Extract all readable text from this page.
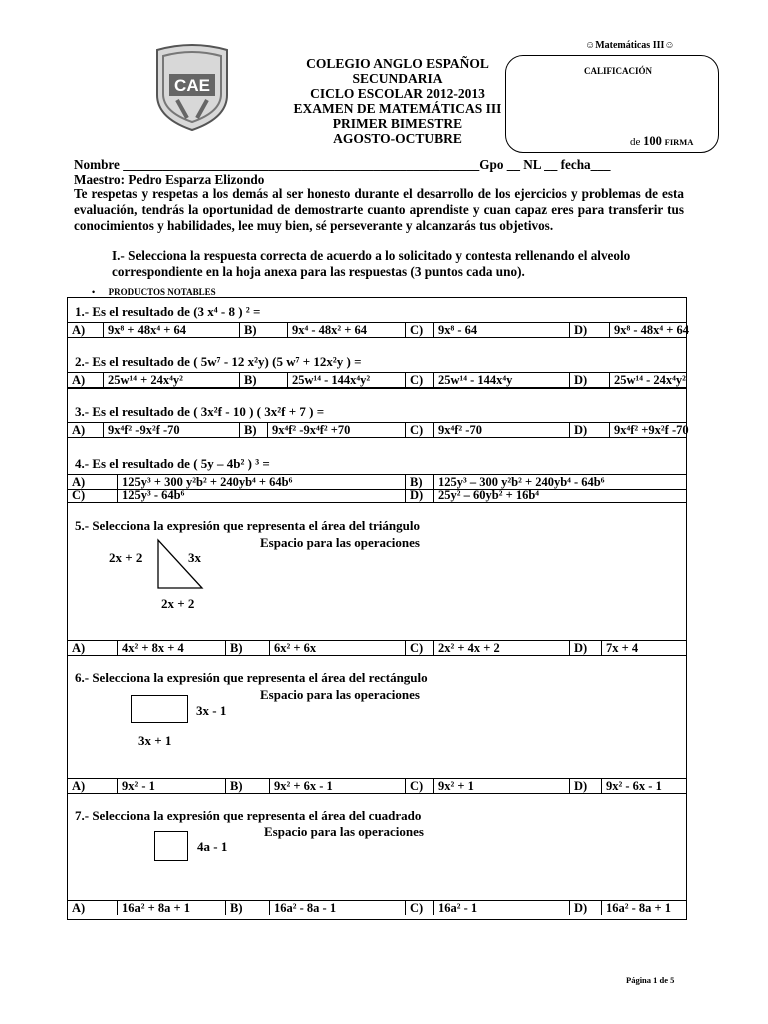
CAE
COLEGIO ANGLO ESPAÑOL
SECUNDARIA
CICLO ESCOLAR 2012-2013
EXAMEN DE MATEMÁTICAS III
PRIMER BIMESTRE
AGOSTO-OCTUBRE
☺Matemáticas III☺
CALIFICACIÓN
de 100 FIRMA
Nombre ______________________________________________________Gpo __ NL __ fecha___
Maestro: Pedro Esparza Elizondo
Te respetas y respetas a los demás al ser honesto durante el desarrollo de los ejercicios y problemas de esta evaluación, tendrás la oportunidad de demostrarte cuanto aprendiste y cuan capaz eres para transferir tus conocimientos y habilidades, lee muy bien, sé perseverante y alcanzarás tus objetivos.
I.- Selecciona la respuesta correcta de acuerdo a lo solicitado y contesta rellenando el alveolo correspondiente en la hoja anexa para las respuestas (3 puntos cada uno).
•      PRODUCTOS NOTABLES
1.- Es el resultado de (3 x⁴ - 8 ) ² =
A)	9x⁸ + 48x⁴ + 64	B)	9x⁴ - 48x² + 64	C)	9x⁸ - 64	D)	9x⁸ - 48x⁴ + 64
2.- Es el resultado de ( 5w⁷ - 12 x²y) (5 w⁷ + 12x²y ) =
A)	25w¹⁴ + 24x⁴y²	B)	25w¹⁴ - 144x⁴y²	C)	25w¹⁴ - 144x⁴y	D)	25w¹⁴ - 24x⁴y²
3.- Es el resultado de ( 3x²f - 10 ) ( 3x²f + 7 ) =
A)	9x⁴f² -9x²f -70	B)	9x⁴f² -9x⁴f² +70	C)	9x⁴f² -70	D)	9x⁴f² +9x²f -70
4.- Es el resultado de ( 5y – 4b² ) ³ =
A)	125y³ + 300 y²b² + 240yb⁴ + 64b⁶	B)	125y³ – 300 y²b² + 240yb⁴ - 64b⁶
C)	125y³ - 64b⁶	D)	25y² – 60yb² + 16b⁴
5.- Selecciona la expresión que representa el área del triángulo
Espacio para las operaciones
2x + 2	3x
2x + 2
A)	4x² + 8x + 4	B)	6x² + 6x	C)	2x² + 4x + 2	D)	7x + 4
6.- Selecciona la expresión que representa el área del rectángulo
Espacio para las operaciones
3x - 1
3x + 1
A)	9x² - 1	B)	9x² + 6x - 1	C)	9x² + 1	D)	9x² - 6x - 1
7.- Selecciona la expresión que representa el área del cuadrado
Espacio para las operaciones
4a - 1
A)	16a² + 8a + 1	B)	16a² - 8a - 1	C)	16a² - 1	D)	16a² - 8a + 1
Página 1 de 5
